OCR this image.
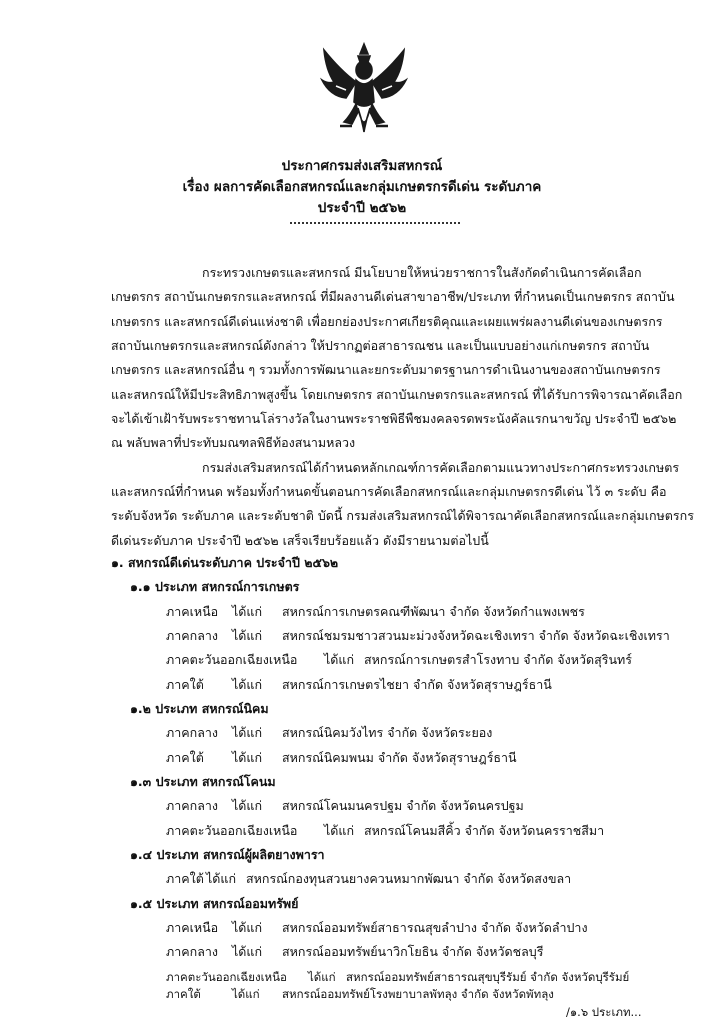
ประกาศกรมส่งเสริมสหกรณ์
เรื่อง ผลการคัดเลือกสหกรณ์และกลุ่มเกษตรกรดีเด่น ระดับภาค
ประจำปี ๒๕๖๒
กระทรวงเกษตรและสหกรณ์ มีนโยบายให้หน่วยราชการในสังกัดดำเนินการคัดเลือก
เกษตรกร สถาบันเกษตรกรและสหกรณ์ ที่มีผลงานดีเด่นสาขาอาชีพ/ประเภท ที่กำหนดเป็นเกษตรกร สถาบัน
เกษตรกร และสหกรณ์ดีเด่นแห่งชาติ เพื่อยกย่องประกาศเกียรติคุณและเผยแพร่ผลงานดีเด่นของเกษตรกร
สถาบันเกษตรกรและสหกรณ์ดังกล่าว ให้ปรากฏต่อสาธารณชน และเป็นแบบอย่างแก่เกษตรกร สถาบัน
เกษตรกร และสหกรณ์อื่น ๆ รวมทั้งการพัฒนาและยกระดับมาตรฐานการดำเนินงานของสถาบันเกษตรกร
และสหกรณ์ให้มีประสิทธิภาพสูงขึ้น โดยเกษตรกร สถาบันเกษตรกรและสหกรณ์ ที่ได้รับการพิจารณาคัดเลือก
จะได้เข้าเฝ้ารับพระราชทานโล่รางวัลในงานพระราชพิธีพืชมงคลจรดพระนังคัลแรกนาขวัญ ประจำปี ๒๕๖๒
ณ พลับพลาที่ประทับมณฑลพิธีท้องสนามหลวง
กรมส่งเสริมสหกรณ์ได้กำหนดหลักเกณฑ์การคัดเลือกตามแนวทางประกาศกระทรวงเกษตร
และสหกรณ์ที่กำหนด พร้อมทั้งกำหนดขั้นตอนการคัดเลือกสหกรณ์และกลุ่มเกษตรกรดีเด่น ไว้ ๓ ระดับ คือ
ระดับจังหวัด ระดับภาค และระดับชาติ บัดนี้ กรมส่งเสริมสหกรณ์ได้พิจารณาคัดเลือกสหกรณ์และกลุ่มเกษตรกร
ดีเด่นระดับภาค ประจำปี ๒๕๖๒ เสร็จเรียบร้อยแล้ว ดังมีรายนามต่อไปนี้
๑. สหกรณ์ดีเด่นระดับภาค ประจำปี ๒๕๖๒
๑.๑ ประเภท สหกรณ์การเกษตร
ภาคเหนือ ได้แก่ สหกรณ์การเกษตรคณฑีพัฒนา จำกัด จังหวัดกำแพงเพชร
ภาคกลาง ได้แก่ สหกรณ์ชมรมชาวสวนมะม่วงจังหวัดฉะเชิงเทรา จำกัด จังหวัดฉะเชิงเทรา
ภาคตะวันออกเฉียงเหนือ ได้แก่ สหกรณ์การเกษตรสำโรงทาบ จำกัด จังหวัดสุรินทร์
ภาคใต้ ได้แก่ สหกรณ์การเกษตรไชยา จำกัด จังหวัดสุราษฎร์ธานี
๑.๒ ประเภท สหกรณ์นิคม
ภาคกลาง ได้แก่ สหกรณ์นิคมวังไทร จำกัด จังหวัดระยอง
ภาคใต้ ได้แก่ สหกรณ์นิคมพนม จำกัด จังหวัดสุราษฎร์ธานี
๑.๓ ประเภท สหกรณ์โคนม
ภาคกลาง ได้แก่ สหกรณ์โคนมนครปฐม จำกัด จังหวัดนครปฐม
ภาคตะวันออกเฉียงเหนือ ได้แก่ สหกรณ์โคนมสีคิ้ว จำกัด จังหวัดนครราชสีมา
๑.๔ ประเภท สหกรณ์ผู้ผลิตยางพารา
ภาคใต้ ได้แก่ สหกรณ์กองทุนสวนยางควนหมากพัฒนา จำกัด จังหวัดสงขลา
๑.๕ ประเภท สหกรณ์ออมทรัพย์
ภาคเหนือ ได้แก่ สหกรณ์ออมทรัพย์สาธารณสุขลำปาง จำกัด จังหวัดลำปาง
ภาคกลาง ได้แก่ สหกรณ์ออมทรัพย์นาวิกโยธิน จำกัด จังหวัดชลบุรี
ภาคตะวันออกเฉียงเหนือ ได้แก่ สหกรณ์ออมทรัพย์สาธารณสุขบุรีรัมย์ จำกัด จังหวัดบุรีรัมย์
ภาคใต้	ได้แก่ สหกรณ์ออมทรัพย์โรงพยาบาลพัทลุง จำกัด จังหวัดพัทลุง
/๑.๖ ประเภท...
